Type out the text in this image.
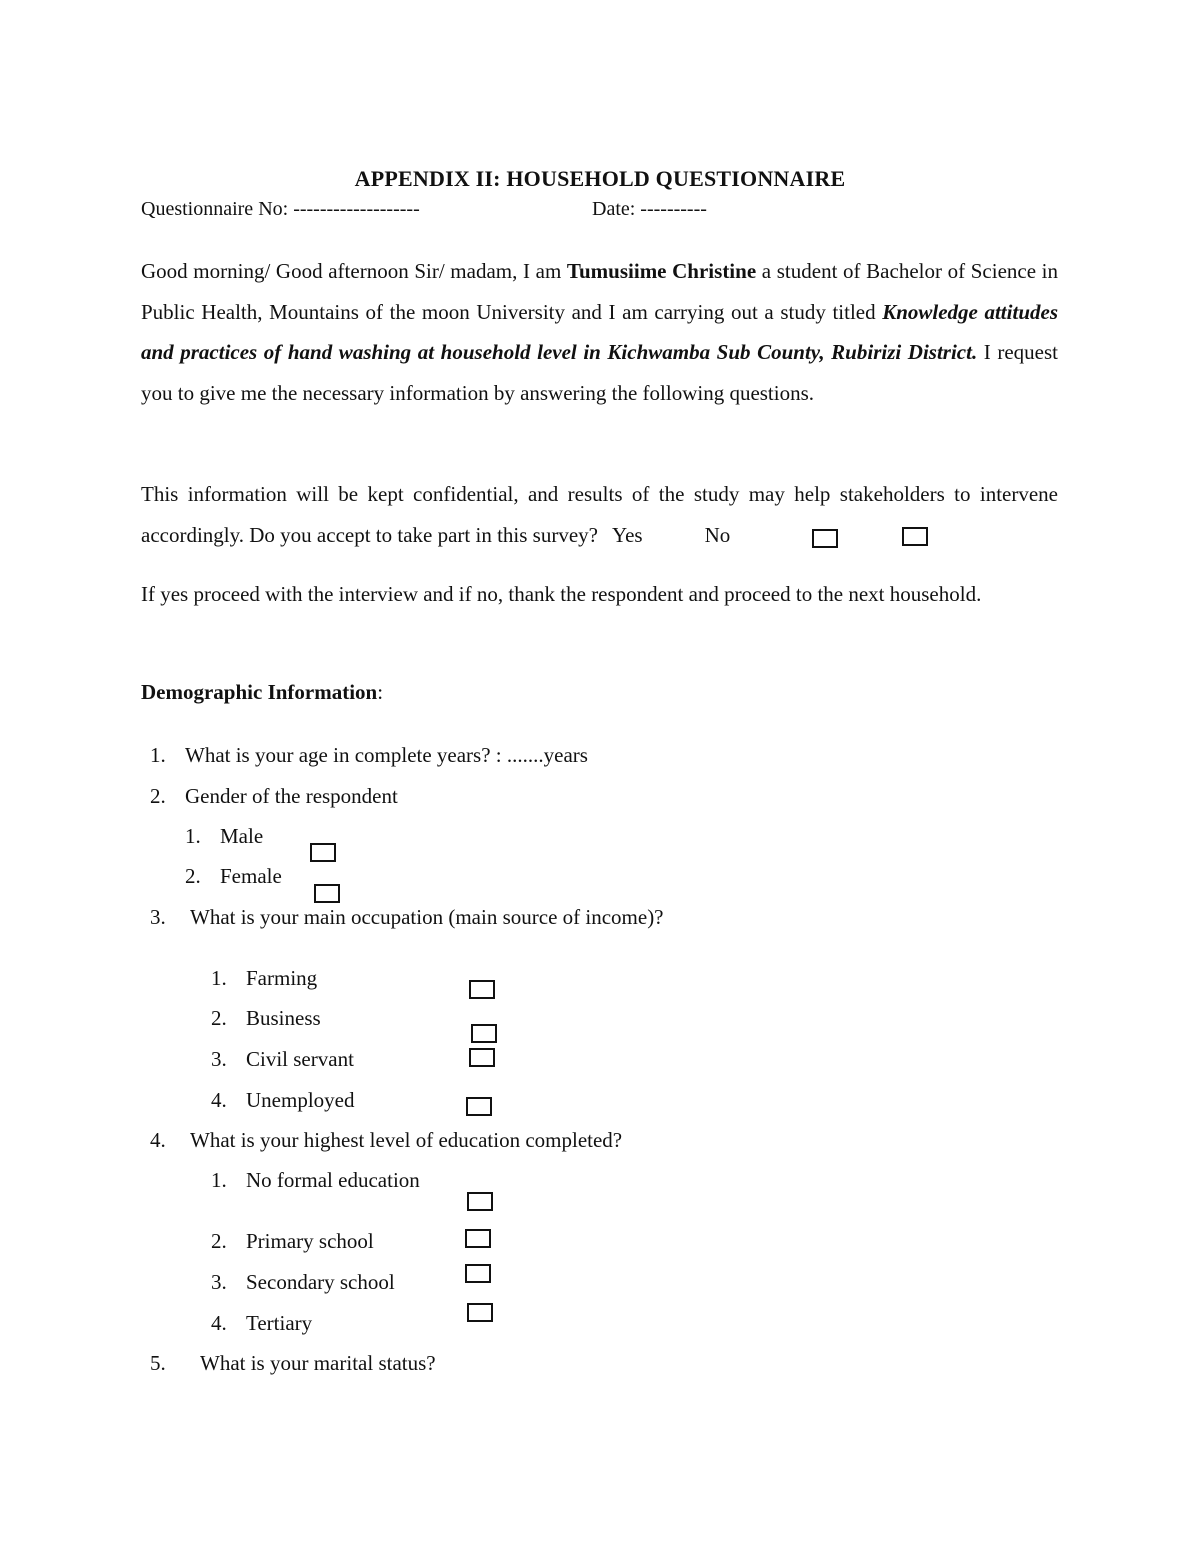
APPENDIX II: HOUSEHOLD QUESTIONNAIRE
Questionnaire No: -------------------	Date: ----------
Good morning/ Good afternoon Sir/ madam, I am Tumusiime Christine a student of Bachelor of Science in Public Health, Mountains of the moon University and I am carrying out a study titled Knowledge attitudes and practices of hand washing at household level in Kichwamba Sub County, Rubirizi District. I request you to give me the necessary information by answering the following questions.
This information will be kept confidential, and results of the study may help stakeholders to intervene accordingly. Do you accept to take part in this survey? Yes	No
If yes proceed with the interview and if no, thank the respondent and proceed to the next household.
Demographic Information:
1. What is your age in complete years? : .......years
2. Gender of the respondent
1. Male
2. Female
3. What is your main occupation (main source of income)?
1. Farming
2. Business
3. Civil servant
4. Unemployed
4. What is your highest level of education completed?
1. No formal education
2. Primary school
3. Secondary school
4. Tertiary
5. What is your marital status?
